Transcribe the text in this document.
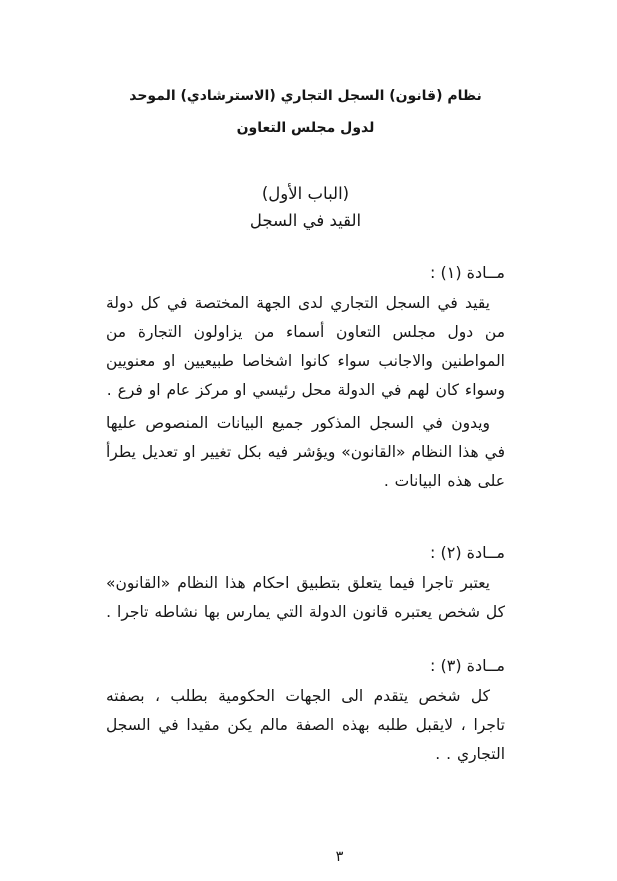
نظام (قانون) السجل التجاري (الاسترشادي) الموحد
لدول مجلس التعاون
(الباب الأول)
القيد في السجل
مــادة (١) :

يقيد في السجل التجاري لدى الجهة المختصة في كل دولة من دول مجلس التعاون أسماء من يزاولون التجارة من المواطنين والاجانب سواء كانوا اشخاصا طبيعيين او معنويين وسواء كان لهم في الدولة محل رئيسي او مركز عام او فرع .

ويدون في السجل المذكور جميع البيانات المنصوص عليها في هذا النظام «القانون» ويؤشر فيه بكل تغيير او تعديل يطرأ على هذه البيانات .

مــادة (٢) :

يعتبر تاجرا فيما يتعلق بتطبيق احكام هذا النظام «القانون» كل شخص يعتبره قانون الدولة التي يمارس بها نشاطه تاجرا .

مــادة (٣) :

كل شخص يتقدم الى الجهات الحكومية بطلب ، بصفته تاجرا ، لايقبل طلبه بهذه الصفة مالم يكن مقيدا في السجل التجاري . .

٣
